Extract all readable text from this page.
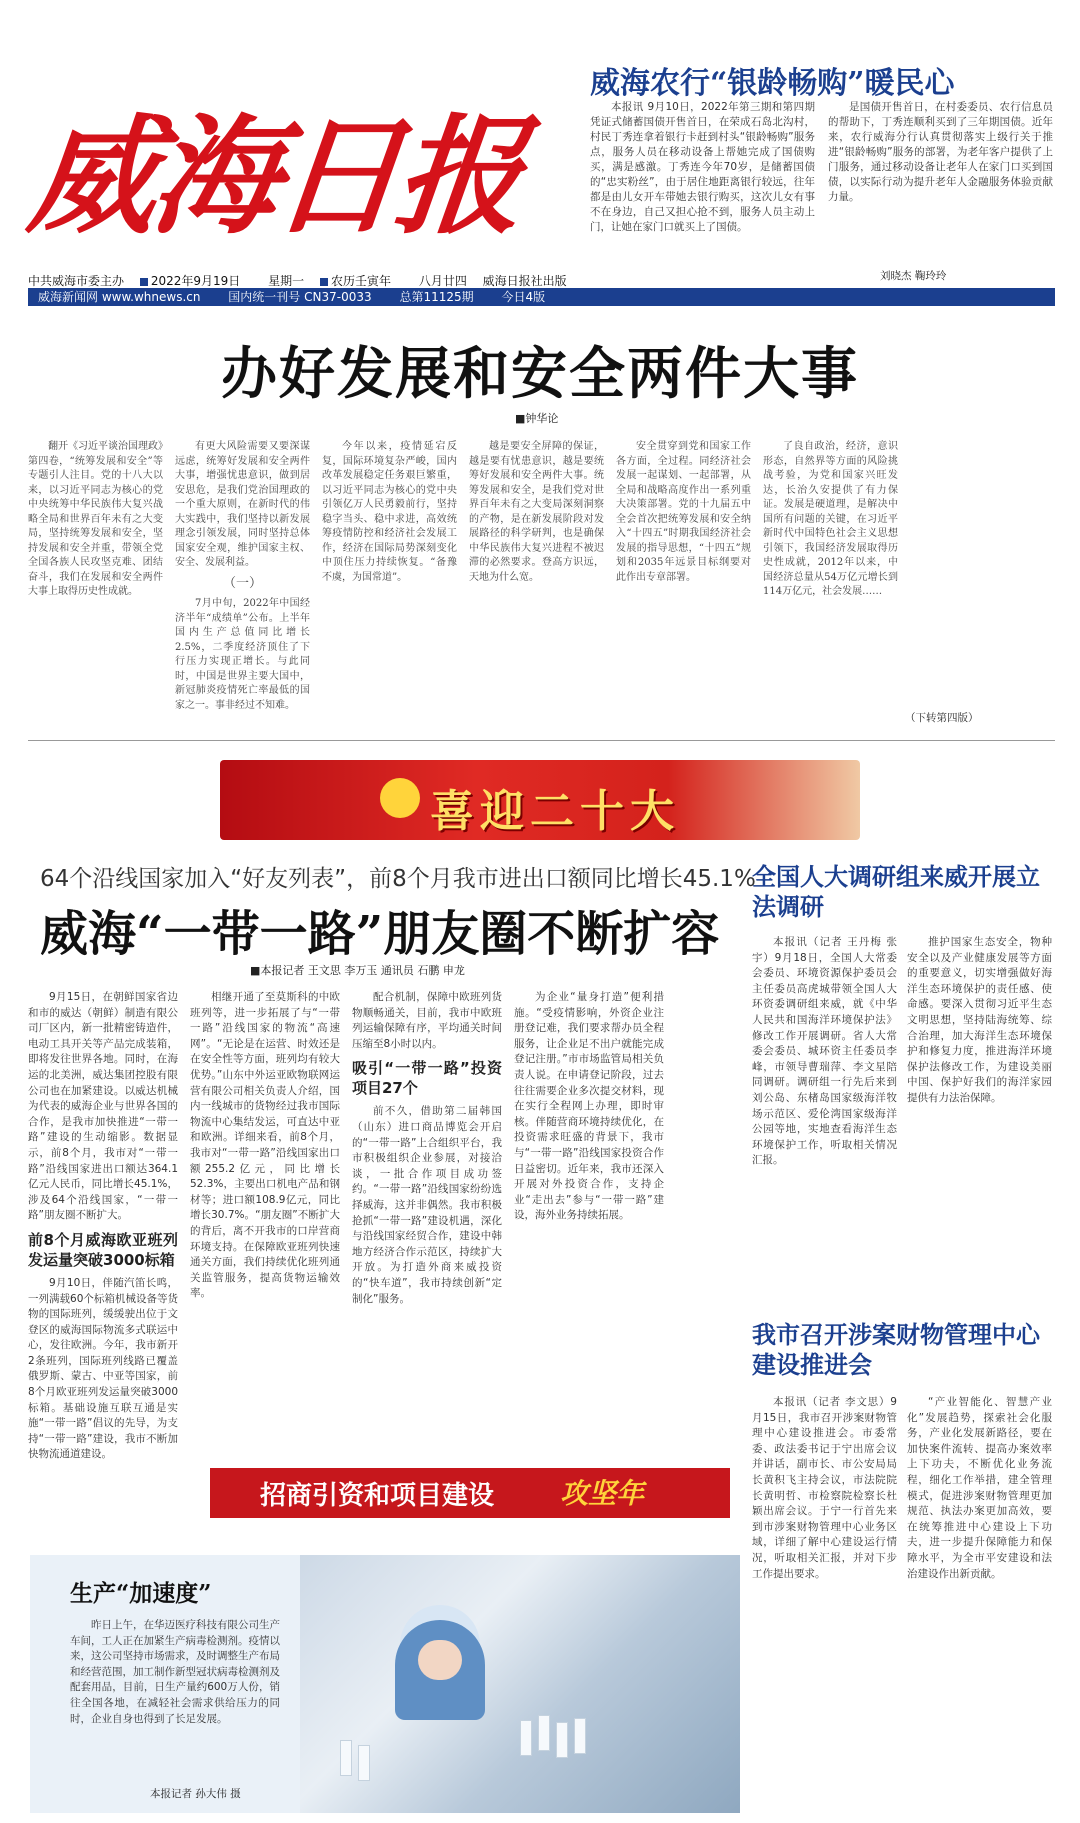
威海日报
中共威海市委主办 2022年9月19日 星期一 农历壬寅年 八月廿四 威海日报社出版
威海新闻网 www.whnews.cn 国内统一刊号 CN37-0033 总第11125期 今日4版
威海农行“银龄畅购”暖民心

本报讯 9月10日，2022年第三期和第四期凭证式储蓄国债开售首日，在荣成石岛北沟村，村民丁秀连拿着银行卡赶到村头“银龄畅购”服务点，服务人员在移动设备上帮她完成了国债购买，满是感激。丁秀连今年70岁，是储蓄国债的“忠实粉丝”，由于居住地距离银行较远，往年都是由儿女开车带她去银行购买，这次儿女有事不在身边，自己又担心抢不到，服务人员主动上门，让她在家门口就买上了国债。

是国债开售首日，在村委委员、农行信息员的帮助下，丁秀连顺利买到了三年期国债。近年来，农行威海分行认真贯彻落实上级行关于推进“银龄畅购”服务的部署，为老年客户提供了上门服务，通过移动设备让老年人在家门口买到国债，以实际行动为提升老年人金融服务体验贡献力量。

刘晓杰 鞠玲玲
办好发展和安全两件大事
■钟华论

翻开《习近平谈治国理政》第四卷，“统筹发展和安全”等专题引人注目。党的十八大以来，以习近平同志为核心的党中央统筹中华民族伟大复兴战略全局和世界百年未有之大变局，坚持统筹发展和安全，坚持发展和安全并重，带领全党全国各族人民攻坚克难、团结奋斗，我们在发展和安全两件大事上取得历史性成就。

有更大风险需要又要深谋远虑，统筹好发展和安全两件大事，增强忧患意识，做到居安思危，是我们党治国理政的一个重大原则，在新时代的伟大实践中，我们坚持以新发展理念引领发展，同时坚持总体国家安全观，维护国家主权、安全、发展利益。

（一）

7月中旬，2022年中国经济半年“成绩单”公布。上半年国内生产总值同比增长2.5%，二季度经济顶住了下行压力实现正增长。与此同时，中国是世界主要大国中，新冠肺炎疫情死亡率最低的国家之一。事非经过不知难。

今年以来，疫情延宕反复，国际环境复杂严峻，国内改革发展稳定任务艰巨繁重，以习近平同志为核心的党中央引领亿万人民勇毅前行，坚持稳字当头、稳中求进，高效统筹疫情防控和经济社会发展工作，经济在国际局势深刻变化中顶住压力持续恢复。“备豫不虞，为国常道”。

越是要安全屏障的保证，越是要有忧患意识，越是要统筹好发展和安全两件大事。统筹发展和安全，是我们党对世界百年未有之大变局深刻洞察的产物，是在新发展阶段对发展路径的科学研判，也是确保中华民族伟大复兴进程不被迟滞的必然要求。登高方识远，天地为什么宽。

安全贯穿到党和国家工作各方面，全过程。同经济社会发展一起谋划、一起部署，从全局和战略高度作出一系列重大决策部署。党的十九届五中全会首次把统筹发展和安全纳入“十四五”时期我国经济社会发展的指导思想，“十四五”规划和2035年远景目标纲要对此作出专章部署。

了良自政治，经济，意识形态，自然界等方面的风险挑战考验，为党和国家兴旺发达，长治久安提供了有力保证。发展是硬道理，是解决中国所有问题的关键，在习近平新时代中国特色社会主义思想引领下，我国经济发展取得历史性成就，2012年以来，中国经济总量从54万亿元增长到114万亿元，社会发展……

（下转第四版）
喜迎二十大
64个沿线国家加入“好友列表”，前8个月我市进出口额同比增长45.1%
威海“一带一路”朋友圈不断扩容
■本报记者 王文思 李万玉 通讯员 石鹏 申龙

9月15日，在朝鲜国家省边和市的威达（朝鲜）制造有限公司厂区内，新一批精密铸造件，电动工具开关等产品完成装箱，即将发往世界各地。同时，在海运的北美洲，威达集团控股有限公司也在加紧建设。以威达机械为代表的威海企业与世界各国的合作，是我市加快推进“一带一路”建设的生动缩影。数据显示，前8个月，我市对“一带一路”沿线国家进出口额达364.1亿元人民币，同比增长45.1%，涉及64个沿线国家，“一带一路”朋友圈不断扩大。

前8个月威海欧亚班列发运量突破3000标箱

9月10日，伴随汽笛长鸣，一列满载60个标箱机械设备等货物的国际班列，缓缓驶出位于文登区的威海国际物流多式联运中心，发往欧洲。今年，我市新开2条班列，国际班列线路已覆盖俄罗斯、蒙古、中亚等国家，前8个月欧亚班列发运量突破3000标箱。基础设施互联互通是实施“一带一路”倡议的先导，为支持“一带一路”建设，我市不断加快物流通道建设。

相继开通了至莫斯科的中欧班列等，进一步拓展了与“一带一路”沿线国家的物流“高速网”。“无论是在运营、时效还是在安全性等方面，班列均有较大优势。”山东中外运亚欧物联网运营有限公司相关负责人介绍，国内一线城市的货物经过我市国际物流中心集结发运，可直达中亚和欧洲。详细来看，前8个月，我市对“一带一路”沿线国家出口额255.2亿元，同比增长52.3%，主要出口机电产品和钢材等；进口额108.9亿元，同比增长30.7%。“朋友圈”不断扩大的背后，离不开我市的口岸营商环境支持。在保障欧亚班列快速通关方面，我们持续优化班列通关监管服务，提高货物运输效率。

配合机制，保障中欧班列货物顺畅通关，目前，我市中欧班列运输保障有序，平均通关时间压缩至8小时以内。

吸引“一带一路”投资项目27个

前不久，借助第二届韩国（山东）进口商品博览会开启的“一带一路”上合组织平台，我市积极组织企业参展，对接洽谈，一批合作项目成功签约。“一带一路”沿线国家纷纷选择威海，这并非偶然。我市积极抢抓“一带一路”建设机遇，深化与沿线国家经贸合作，建设中韩地方经济合作示范区，持续扩大开放。为打造外商来威投资的“快车道”，我市持续创新“定制化”服务。

为企业“量身打造”便利措施。“受疫情影响，外资企业注册登记难，我们要求帮办员全程服务，让企业足不出户就能完成登记注册。”市市场监管局相关负责人说。在申请登记阶段，过去往往需要企业多次提交材料，现在实行全程网上办理，即时审核。伴随营商环境持续优化，在投资需求旺盛的背景下，我市与“一带一路”沿线国家投资合作日益密切。近年来，我市还深入开展对外投资合作，支持企业“走出去”参与“一带一路”建设，海外业务持续拓展。

全国人大调研组来威开展立法调研

本报讯（记者 王丹梅 张宇）9月18日，全国人大常委会委员、环境资源保护委员会主任委员高虎城带领全国人大环资委调研组来威，就《中华人民共和国海洋环境保护法》修改工作开展调研。省人大常委会委员、城环资主任委员李峰，市领导曹瑞萍、李文星陪同调研。调研组一行先后来到刘公岛、东楮岛国家级海洋牧场示范区、爱伦湾国家级海洋公园等地，实地查看海洋生态环境保护工作，听取相关情况汇报。

推护国家生态安全，物种安全以及产业健康发展等方面的重要意义，切实增强做好海洋生态环境保护的责任感、使命感。要深入贯彻习近平生态文明思想，坚持陆海统筹、综合治理，加大海洋生态环境保护和修复力度，推进海洋环境保护法修改工作，为建设美丽中国、保护好我们的海洋家园提供有力法治保障。

我市召开涉案财物管理中心建设推进会

本报讯（记者 李文思）9月15日，我市召开涉案财物管理中心建设推进会。市委常委、政法委书记于宁出席会议并讲话，副市长、市公安局局长黄积飞主持会议，市法院院长黄明哲、市检察院检察长杜颖出席会议。于宁一行首先来到市涉案财物管理中心业务区域，详细了解中心建设运行情况，听取相关汇报，并对下步工作提出要求。

“产业智能化、智慧产业化”发展趋势，探索社会化服务，产业化发展新路径，要在加快案件流转、提高办案效率上下功夫，不断优化业务流程，细化工作举措，建全管理模式，促进涉案财物管理更加规范、执法办案更加高效，要在统筹推进中心建设上下功夫，进一步提升保障能力和保障水平，为全市平安建设和法治建设作出新贡献。

招商引资和项目建设 攻坚年
生产“加速度”

昨日上午，在华迈医疗科技有限公司生产车间，工人正在加紧生产病毒检测剂。疫情以来，这公司坚持市场需求，及时调整生产布局和经营范围，加工制作新型冠状病毒检测剂及配套用品，目前，日生产量约600万人份，销往全国各地，在减轻社会需求供给压力的同时，企业自身也得到了长足发展。

本报记者 孙大伟 摄
